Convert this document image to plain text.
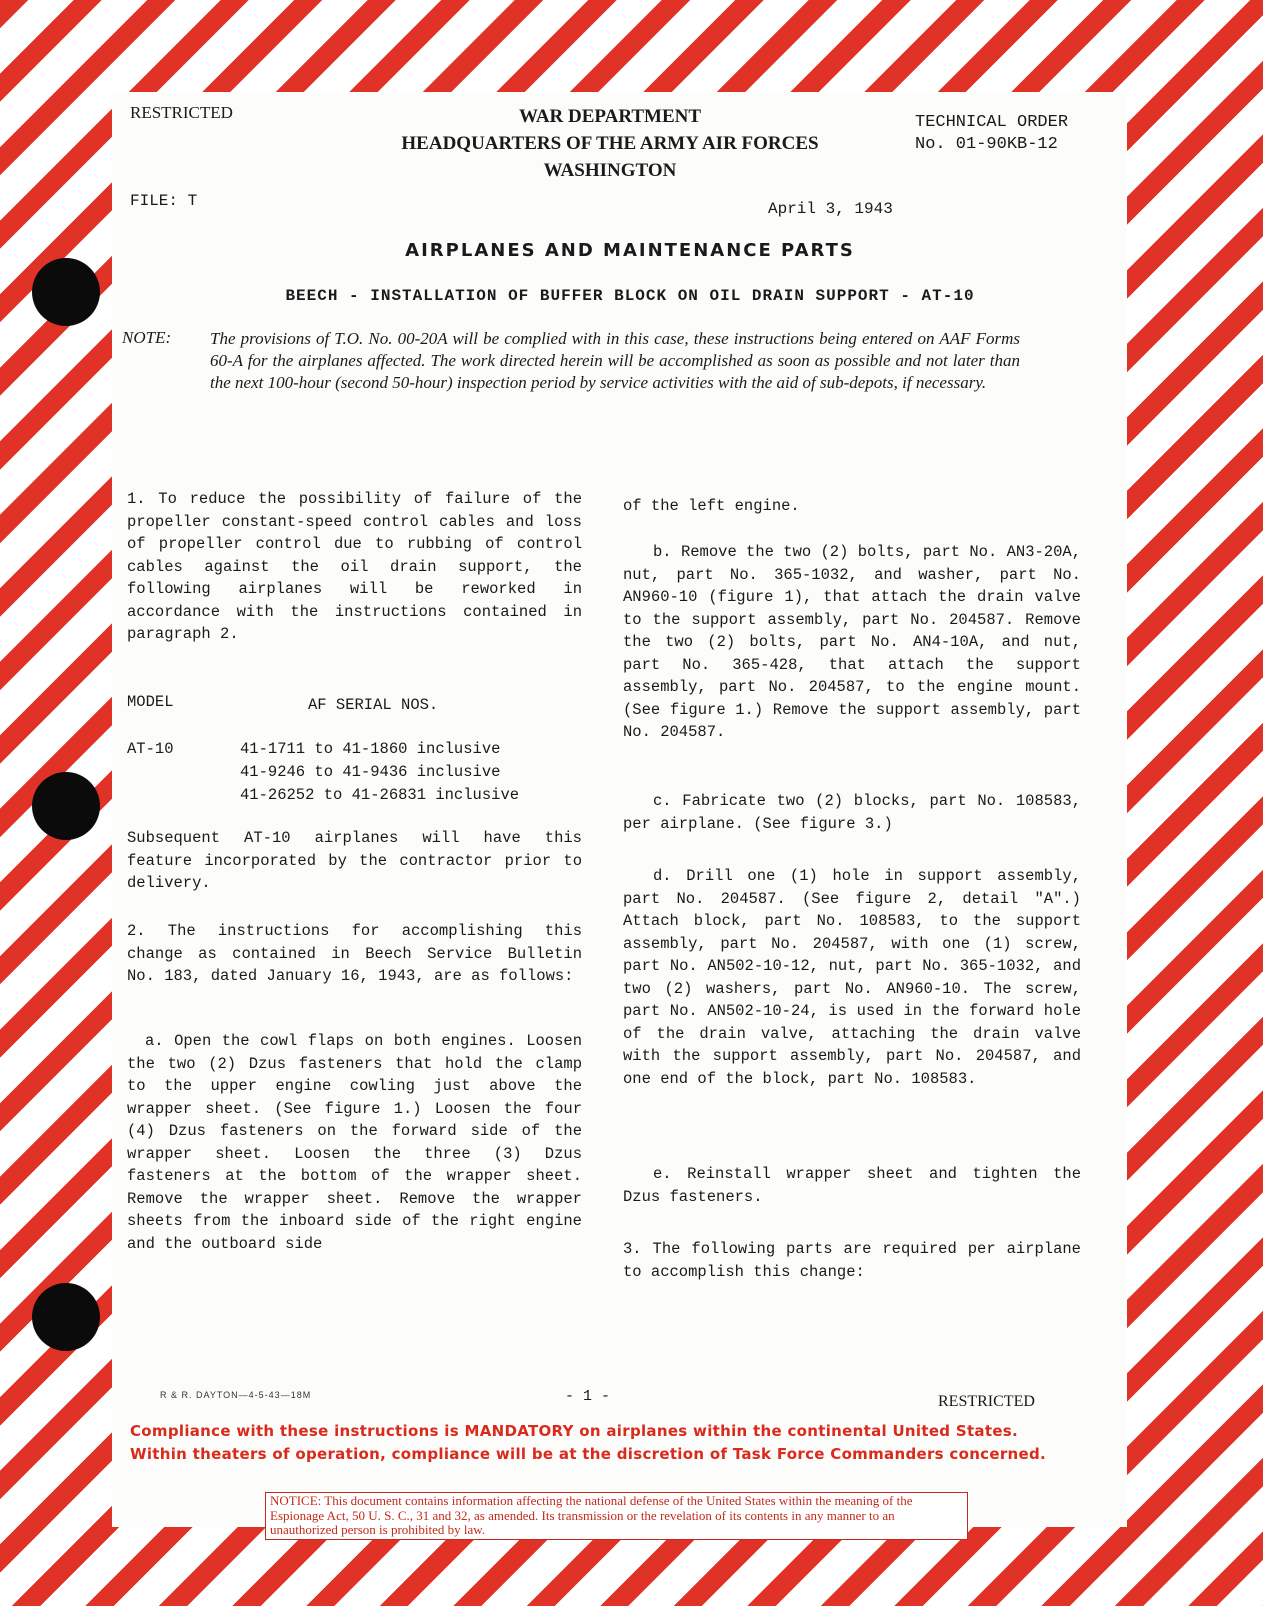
RESTRICTED	WAR DEPARTMENT
HEADQUARTERS OF THE ARMY AIR FORCES
WASHINGTON
TECHNICAL ORDER
No. 01-90KB-12
FILE: T	April 3, 1943
AIRPLANES AND MAINTENANCE PARTS
BEECH - INSTALLATION OF BUFFER BLOCK ON OIL DRAIN SUPPORT - AT-10
NOTE: The provisions of T.O. No. 00-20A will be complied with in this case, these instructions being entered on AAF Forms 60-A for the airplanes affected. The work directed herein will be accomplished as soon as possible and not later than the next 100-hour (second 50-hour) inspection period by service activities with the aid of sub-depots, if necessary.
1. To reduce the possibility of failure of the propeller constant-speed control cables and loss of propeller control due to rubbing of control cables against the oil drain support, the following airplanes will be reworked in accordance with the instructions contained in paragraph 2.
MODEL	AF SERIAL NOS.
AT-10	41-1711 to 41-1860 inclusive
41-9246 to 41-9436 inclusive
41-26252 to 41-26831 inclusive
Subsequent AT-10 airplanes will have this feature incorporated by the contractor prior to delivery.
2. The instructions for accomplishing this change as contained in Beech Service Bulletin No. 183, dated January 16, 1943, are as follows:
a. Open the cowl flaps on both engines. Loosen the two (2) Dzus fasteners that hold the clamp to the upper engine cowling just above the wrapper sheet. (See figure 1.) Loosen the four (4) Dzus fasteners on the forward side of the wrapper sheet. Loosen the three (3) Dzus fasteners at the bottom of the wrapper sheet. Remove the wrapper sheet. Remove the wrapper sheets from the inboard side of the right engine and the outboard side
of the left engine.
b. Remove the two (2) bolts, part No. AN3-20A, nut, part No. 365-1032, and washer, part No. AN960-10 (figure 1), that attach the drain valve to the support assembly, part No. 204587. Remove the two (2) bolts, part No. AN4-10A, and nut, part No. 365-428, that attach the support assembly, part No. 204587, to the engine mount. (See figure 1.) Remove the support assembly, part No. 204587.
c. Fabricate two (2) blocks, part No. 108583, per airplane. (See figure 3.)
d. Drill one (1) hole in support assembly, part No. 204587. (See figure 2, detail "A".) Attach block, part No. 108583, to the support assembly, part No. 204587, with one (1) screw, part No. AN502-10-12, nut, part No. 365-1032, and two (2) washers, part No. AN960-10. The screw, part No. AN502-10-24, is used in the forward hole of the drain valve, attaching the drain valve with the support assembly, part No. 204587, and one end of the block, part No. 108583.
e. Reinstall wrapper sheet and tighten the Dzus fasteners.
3. The following parts are required per airplane to accomplish this change:
R & R. DAYTON—4-5-43—18M	- 1 -	RESTRICTED
Compliance with these instructions is MANDATORY on airplanes within the continental United States.
Within theaters of operation, compliance will be at the discretion of Task Force Commanders concerned.
NOTICE: This document contains information affecting the national defense of the United States within the meaning of the Espionage Act, 50 U. S. C., 31 and 32, as amended. Its transmission or the revelation of its contents in any manner to an unauthorized person is prohibited by law.
